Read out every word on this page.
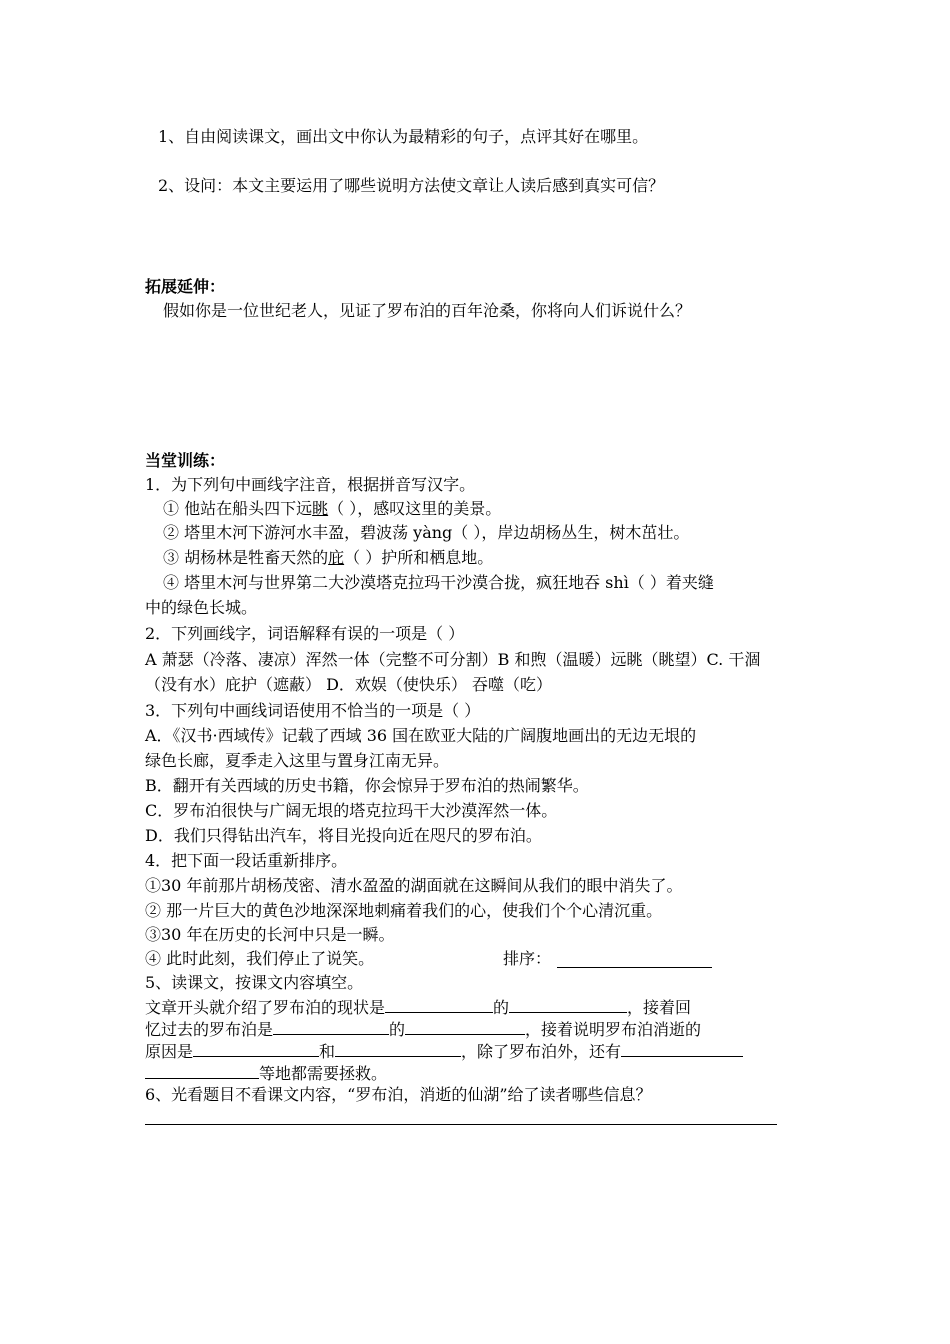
1、自由阅读课文，画出文中你认为最精彩的句子，点评其好在哪里。
2、设问：本文主要运用了哪些说明方法使文章让人读后感到真实可信？
拓展延伸：
假如你是一位世纪老人，见证了罗布泊的百年沧桑，你将向人们诉说什么？
当堂训练：
1．为下列句中画线字注音，根据拼音写汉字。
① 他站在船头四下远眺（ ），感叹这里的美景。
② 塔里木河下游河水丰盈，碧波荡 yàng（ ），岸边胡杨丛生，树木茁壮。
③ 胡杨林是牲畜天然的庇（ ）护所和栖息地。
④ 塔里木河与世界第二大沙漠塔克拉玛干沙漠合拢，疯狂地吞 shì（ ）着夹缝
中的绿色长城。
2．下列画线字，词语解释有误的一项是（ ）
A 萧瑟（冷落、凄凉）浑然一体（完整不可分割）B 和煦（温暖）远眺（眺望）C. 干涸
（没有水）庇护（遮蔽） D．欢娱（使快乐） 吞噬（吃）
3．下列句中画线词语使用不恰当的一项是（ ）
A．《汉书·西域传》记载了西域 36 国在欧亚大陆的广阔腹地画出的无边无垠的
绿色长廊，夏季走入这里与置身江南无异。
B．翻开有关西域的历史书籍，你会惊异于罗布泊的热闹繁华。
C．罗布泊很快与广阔无垠的塔克拉玛干大沙漠浑然一体。
D．我们只得钻出汽车，将目光投向近在咫尺的罗布泊。
4．把下面一段话重新排序。
①30 年前那片胡杨茂密、清水盈盈的湖面就在这瞬间从我们的眼中消失了。
② 那一片巨大的黄色沙地深深地刺痛着我们的心，使我们个个心清沉重。
③30 年在历史的长河中只是一瞬。
④ 此时此刻，我们停止了说笑。	排序：
5、读课文，按课文内容填空。
文章开头就介绍了罗布泊的现状是	的	，接着回
忆过去的罗布泊是	的	，接着说明罗布泊消逝的
原因是	和	，除了罗布泊外，还有
等地都需要拯救。
6、光看题目不看课文内容，“罗布泊，消逝的仙湖”给了读者哪些信息？
